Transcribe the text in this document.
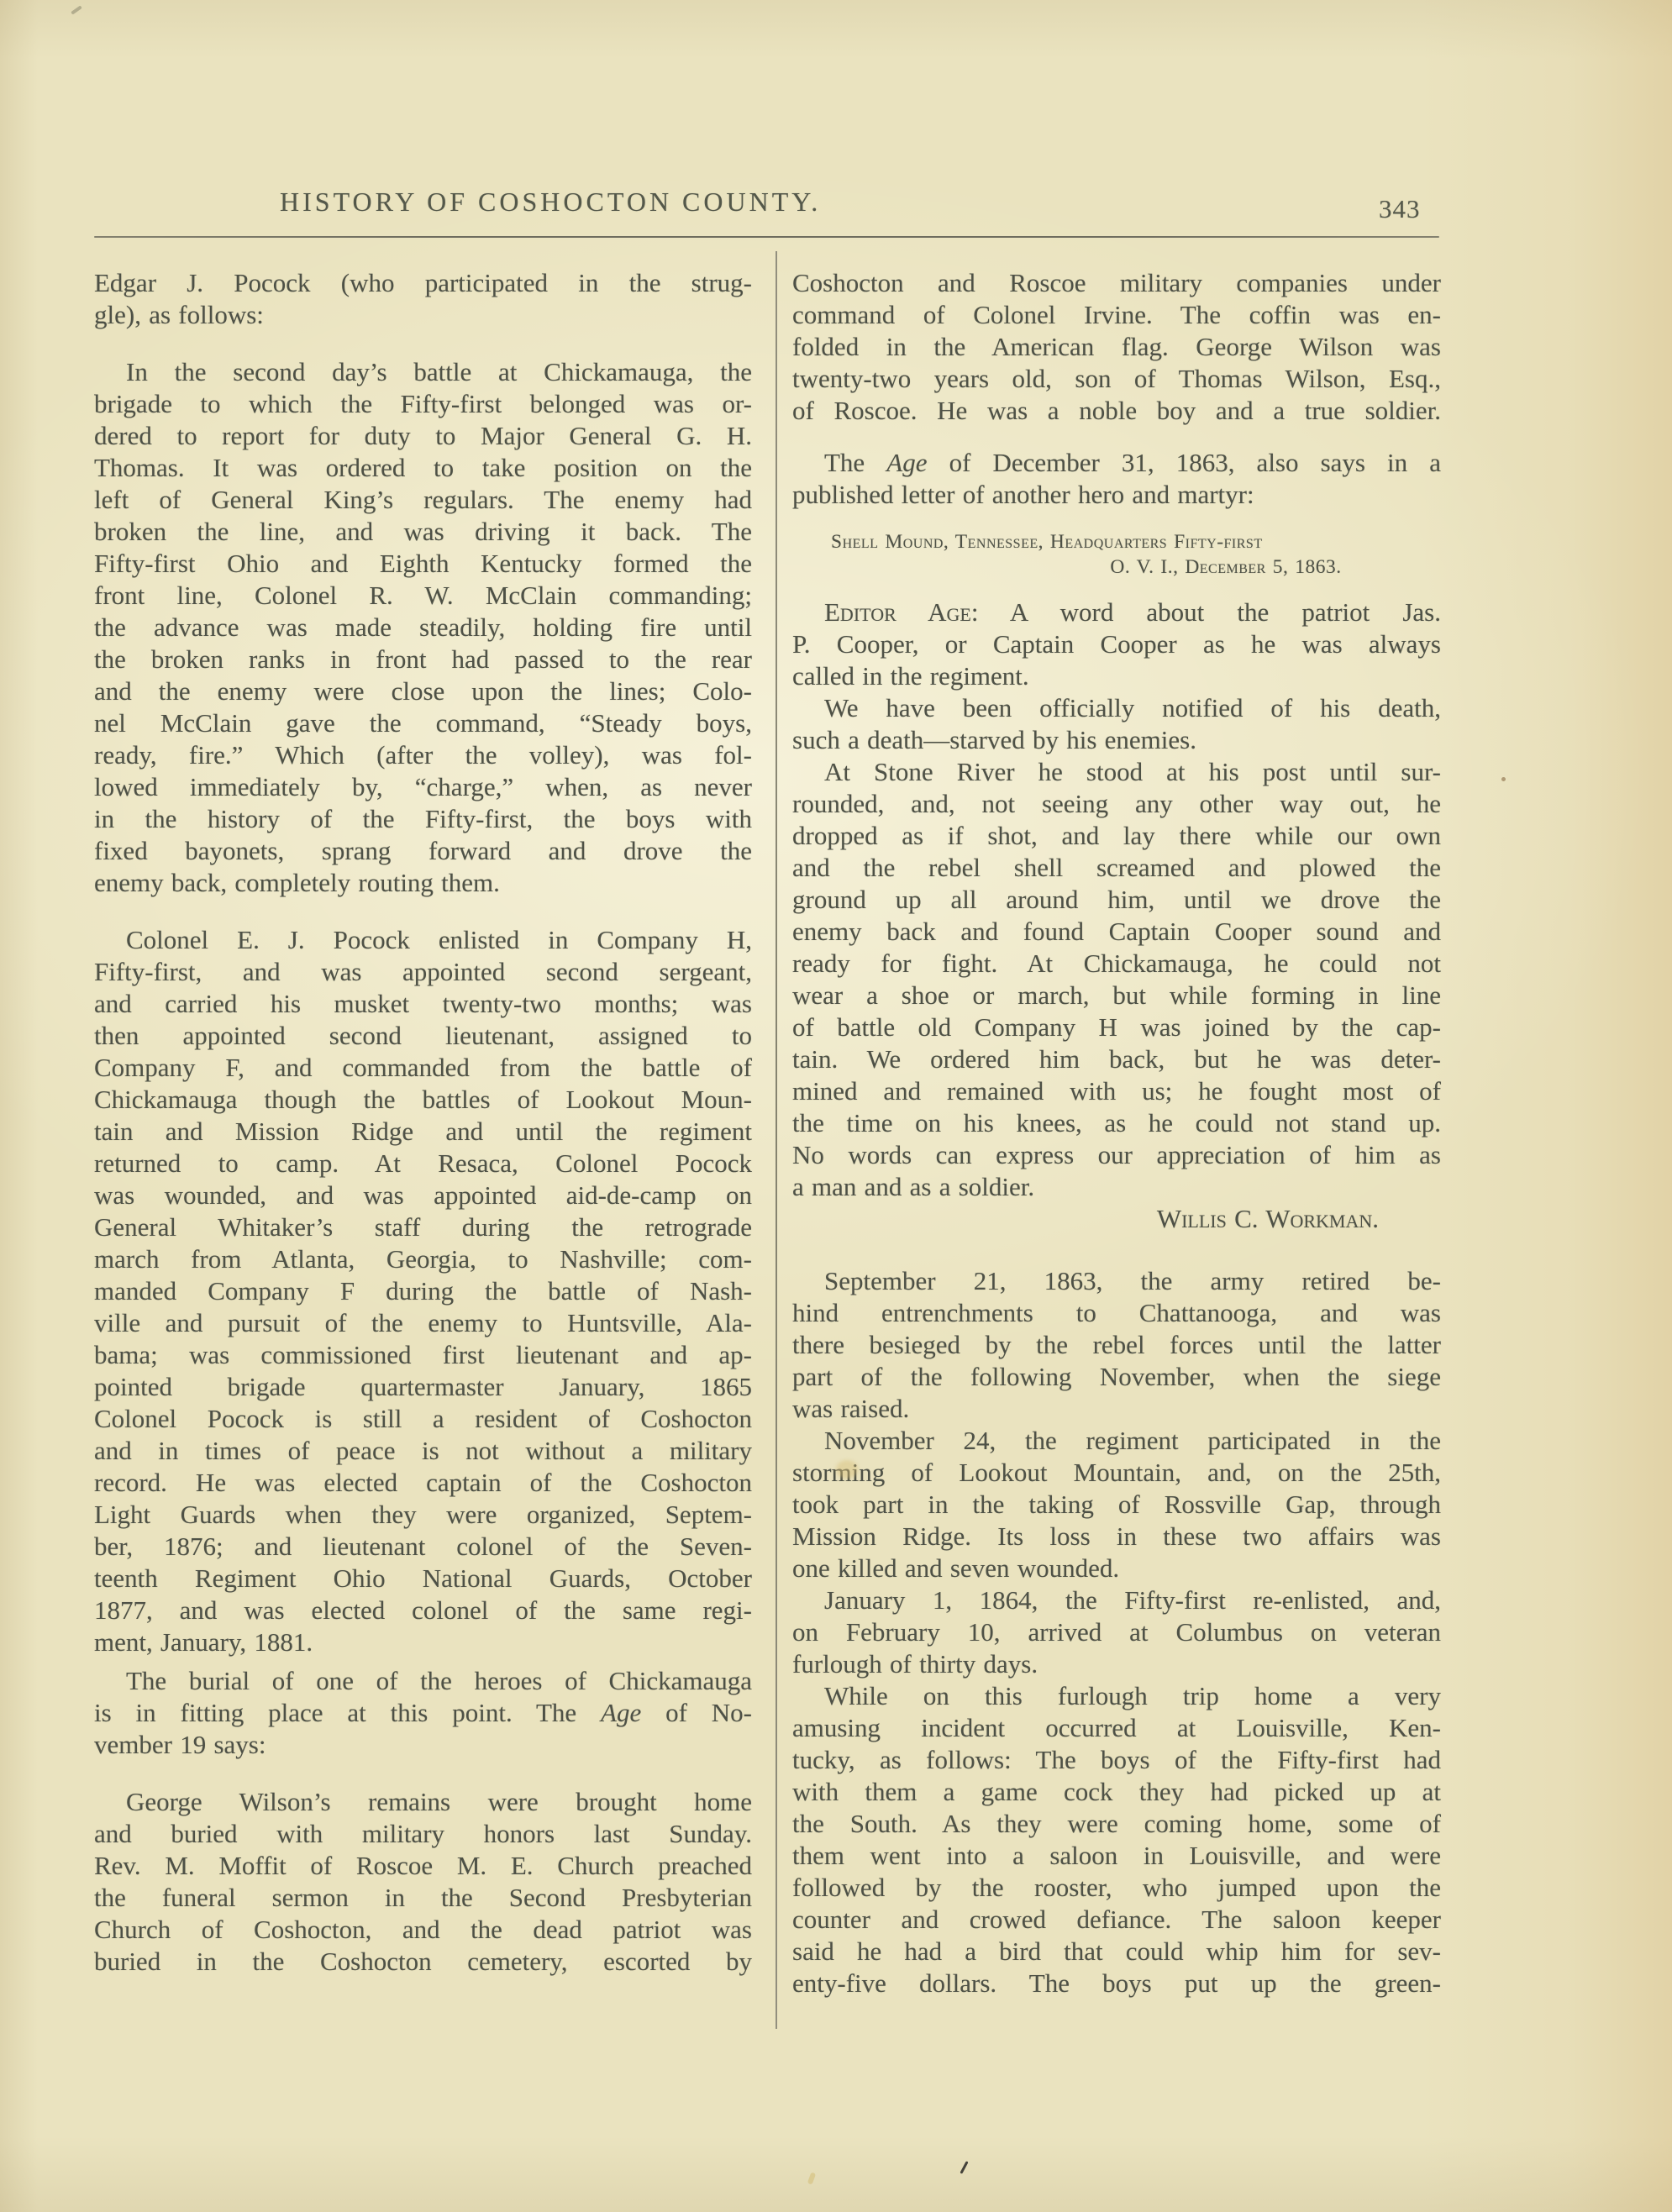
HISTORY OF COSHOCTON COUNTY.	343
Edgar J. Pocock (who participated in the strug-
gle), as follows:
In the second day’s battle at Chickamauga, the
brigade to which the Fifty-first belonged was or-
dered to report for duty to Major General G. H.
Thomas. It was ordered to take position on the
left of General King’s regulars. The enemy had
broken the line, and was driving it back. The
Fifty-first Ohio and Eighth Kentucky formed the
front line, Colonel R. W. McClain commanding;
the advance was made steadily, holding fire until
the broken ranks in front had passed to the rear
and the enemy were close upon the lines; Colo-
nel McClain gave the command, “Steady boys,
ready, fire.” Which (after the volley), was fol-
lowed immediately by, “charge,” when, as never
in the history of the Fifty-first, the boys with
fixed bayonets, sprang forward and drove the
enemy back, completely routing them.
Colonel E. J. Pocock enlisted in Company H,
Fifty-first, and was appointed second sergeant,
and carried his musket twenty-two months; was
then appointed second lieutenant, assigned to
Company F, and commanded from the battle of
Chickamauga though the battles of Lookout Moun-
tain and Mission Ridge and until the regiment
returned to camp. At Resaca, Colonel Pocock
was wounded, and was appointed aid-de-camp on
General Whitaker’s staff during the retrograde
march from Atlanta, Georgia, to Nashville; com-
manded Company F during the battle of Nash-
ville and pursuit of the enemy to Huntsville, Ala-
bama; was commissioned first lieutenant and ap-
pointed brigade quartermaster January, 1865
Colonel Pocock is still a resident of Coshocton
and in times of peace is not without a military
record. He was elected captain of the Coshocton
Light Guards when they were organized, Septem-
ber, 1876; and lieutenant colonel of the Seven-
teenth Regiment Ohio National Guards, October
1877, and was elected colonel of the same regi-
ment, January, 1881.
The burial of one of the heroes of Chickamauga
is in fitting place at this point. The Age of No-
vember 19 says:
George Wilson’s remains were brought home
and buried with military honors last Sunday.
Rev. M. Moffit of Roscoe M. E. Church preached
the funeral sermon in the Second Presbyterian
Church of Coshocton, and the dead patriot was
buried in the Coshocton cemetery, escorted by
Coshocton and Roscoe military companies under
command of Colonel Irvine. The coffin was en-
folded in the American flag. George Wilson was
twenty-two years old, son of Thomas Wilson, Esq.,
of Roscoe. He was a noble boy and a true soldier.
The Age of December 31, 1863, also says in a
published letter of another hero and martyr:
Shell Mound, Tennessee, Headquarters Fifty-first
O. V. I., December 5, 1863.
Editor Age: A word about the patriot Jas.
P. Cooper, or Captain Cooper as he was always
called in the regiment.
We have been officially notified of his death,
such a death—starved by his enemies.
At Stone River he stood at his post until sur-
rounded, and, not seeing any other way out, he
dropped as if shot, and lay there while our own
and the rebel shell screamed and plowed the
ground up all around him, until we drove the
enemy back and found Captain Cooper sound and
ready for fight. At Chickamauga, he could not
wear a shoe or march, but while forming in line
of battle old Company H was joined by the cap-
tain. We ordered him back, but he was deter-
mined and remained with us; he fought most of
the time on his knees, as he could not stand up.
No words can express our appreciation of him as
a man and as a soldier.
Willis C. Workman.
September 21, 1863, the army retired be-
hind entrenchments to Chattanooga, and was
there besieged by the rebel forces until the latter
part of the following November, when the siege
was raised.
November 24, the regiment participated in the
storming of Lookout Mountain, and, on the 25th,
took part in the taking of Rossville Gap, through
Mission Ridge. Its loss in these two affairs was
one killed and seven wounded.
January 1, 1864, the Fifty-first re-enlisted, and,
on February 10, arrived at Columbus on veteran
furlough of thirty days.
While on this furlough trip home a very
amusing incident occurred at Louisville, Ken-
tucky, as follows: The boys of the Fifty-first had
with them a game cock they had picked up at
the South. As they were coming home, some of
them went into a saloon in Louisville, and were
followed by the rooster, who jumped upon the
counter and crowed defiance. The saloon keeper
said he had a bird that could whip him for sev-
enty-five dollars. The boys put up the green-
